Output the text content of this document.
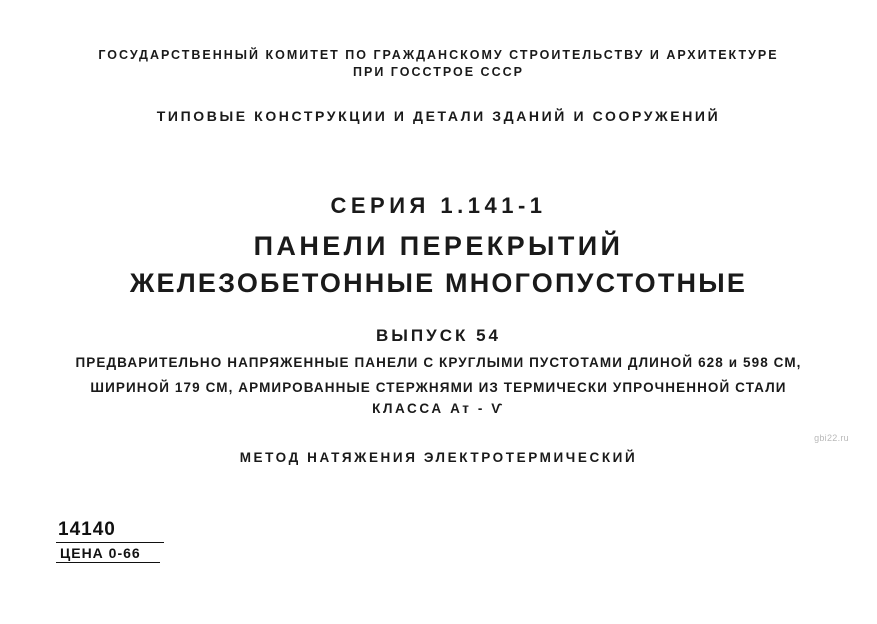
ГОСУДАРСТВЕННЫЙ КОМИТЕТ ПО ГРАЖДАНСКОМУ СТРОИТЕЛЬСТВУ И АРХИТЕКТУРЕ
ПРИ ГОССТРОЕ СССР
ТИПОВЫЕ КОНСТРУКЦИИ И ДЕТАЛИ ЗДАНИЙ И СООРУЖЕНИЙ
СЕРИЯ 1.141-1
ПАНЕЛИ ПЕРЕКРЫТИЙ
ЖЕЛЕЗОБЕТОННЫЕ МНОГОПУСТОТНЫЕ
ВЫПУСК 54
ПРЕДВАРИТЕЛЬНО НАПРЯЖЕННЫЕ ПАНЕЛИ С КРУГЛЫМИ ПУСТОТАМИ ДЛИНОЙ 628 и 598 СМ,
ШИРИНОЙ 179 СМ, АРМИРОВАННЫЕ СТЕРЖНЯМИ ИЗ ТЕРМИЧЕСКИ УПРОЧНЕННОЙ СТАЛИ
КЛАССА Ат - Ѵ
МЕТОД НАТЯЖЕНИЯ ЭЛЕКТРОТЕРМИЧЕСКИЙ
gbi22.ru
14140
ЦЕНА 0-66
